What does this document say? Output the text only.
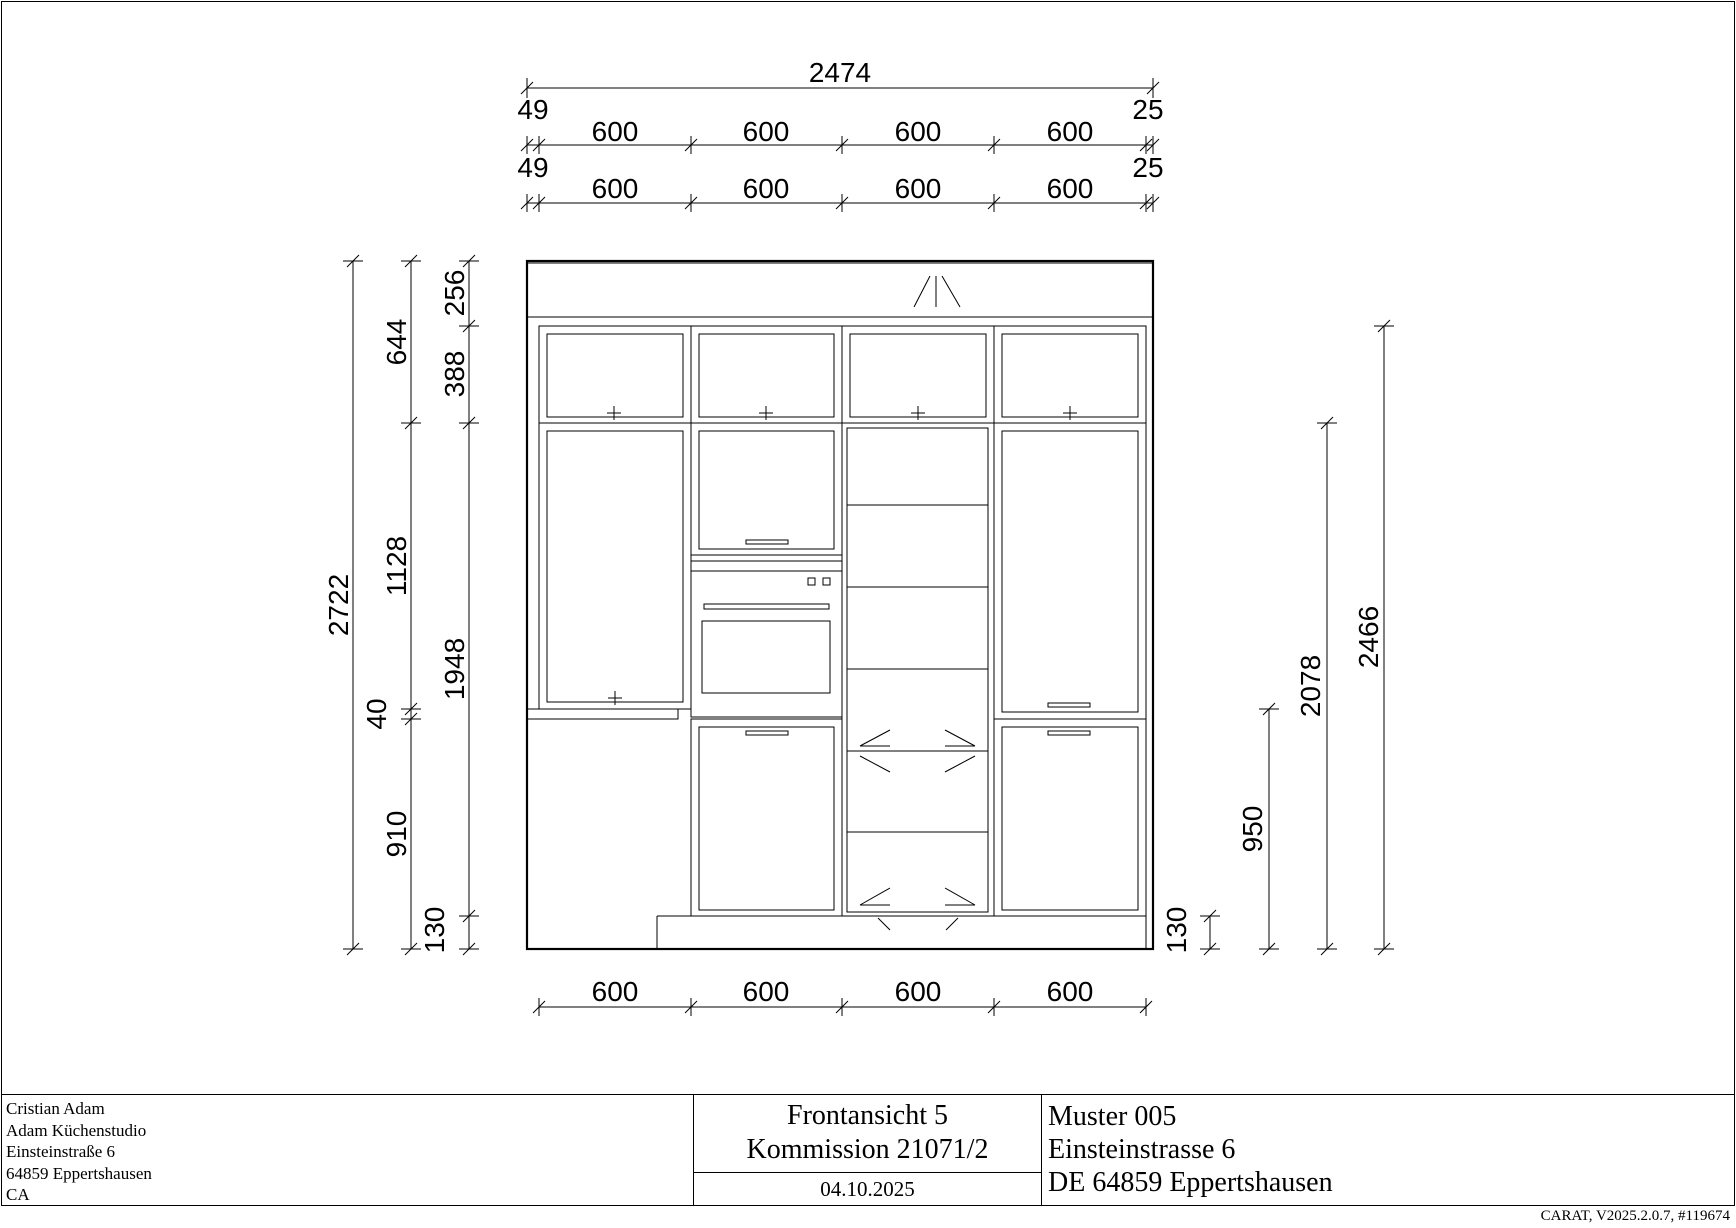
2474
49
600	600	600	600
25
49
600	600	600	600
25
2722
644
1128
40
910
256
388
1948
130	130
950
2078
2466
600	600	600	600
Cristian Adam
Adam Küchenstudio
Einsteinstraße 6
64859 Eppertshausen
CA
Frontansicht 5
Kommission 21071/2
04.10.2025
Muster 005
Einsteinstrasse 6
DE 64859 Eppertshausen
CARAT, V2025.2.0.7, #119674
